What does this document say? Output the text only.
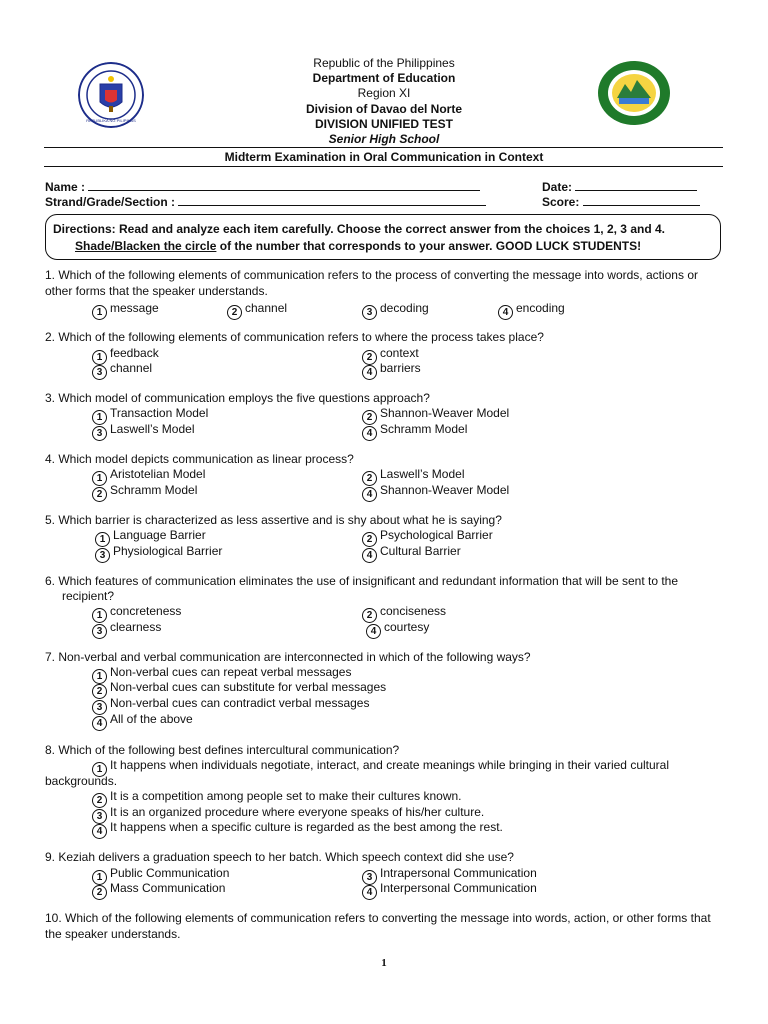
REPUBLIKA NG PILIPINAS
Republic of the Philippines
Department of Education
Region XI
Division of Davao del Norte
DIVISION UNIFIED TEST
Senior High School
Midterm Examination in Oral Communication in Context
Name :
Strand/Grade/Section :
Date:
Score:
Directions: Read and analyze each item carefully. Choose the correct answer from the choices 1, 2, 3 and 4.
Shade/Blacken the circle of the number that corresponds to your answer. GOOD LUCK STUDENTS!
1. Which of the following elements of communication refers to the process of converting the message into words, actions or other forms that the speaker understands.
1 message	2 channel	3 decoding	4 encoding
2. Which of the following elements of communication refers to where the process takes place?
1 feedback	2 context
3 channel	4 barriers
3. Which model of communication employs the five questions approach?
1 Transaction Model	2 Shannon-Weaver Model
3 Laswell’s Model	4 Schramm Model
4. Which model depicts communication as linear process?
1 Aristotelian Model	2 Laswell’s Model
2 Schramm Model	4 Shannon-Weaver Model
5. Which barrier is characterized as less assertive and is shy about what he is saying?
1 Language Barrier	2 Psychological Barrier
3 Physiological Barrier	4 Cultural Barrier
6. Which features of communication eliminates the use of insignificant and redundant information that will be sent to the
recipient?
1 concreteness	2 conciseness
3 clearness	4 courtesy
7. Non-verbal and verbal communication are interconnected in which of the following ways?
1 Non-verbal cues can repeat verbal messages
2 Non-verbal cues can substitute for verbal messages
3 Non-verbal cues can contradict verbal messages
4 All of the above
8. Which of the following best defines intercultural communication?
1 It happens when individuals negotiate, interact, and create meanings while bringing in their varied cultural
backgrounds.
2 It is a competition among people set to make their cultures known.
3 It is an organized procedure where everyone speaks of his/her culture.
4 It happens when a specific culture is regarded as the best among the rest.
9. Keziah delivers a graduation speech to her batch. Which speech context did she use?
1 Public Communication	3 Intrapersonal Communication
2 Mass Communication	4 Interpersonal Communication
10. Which of the following elements of communication refers to converting the message into words, action, or other forms that the speaker understands.
1
